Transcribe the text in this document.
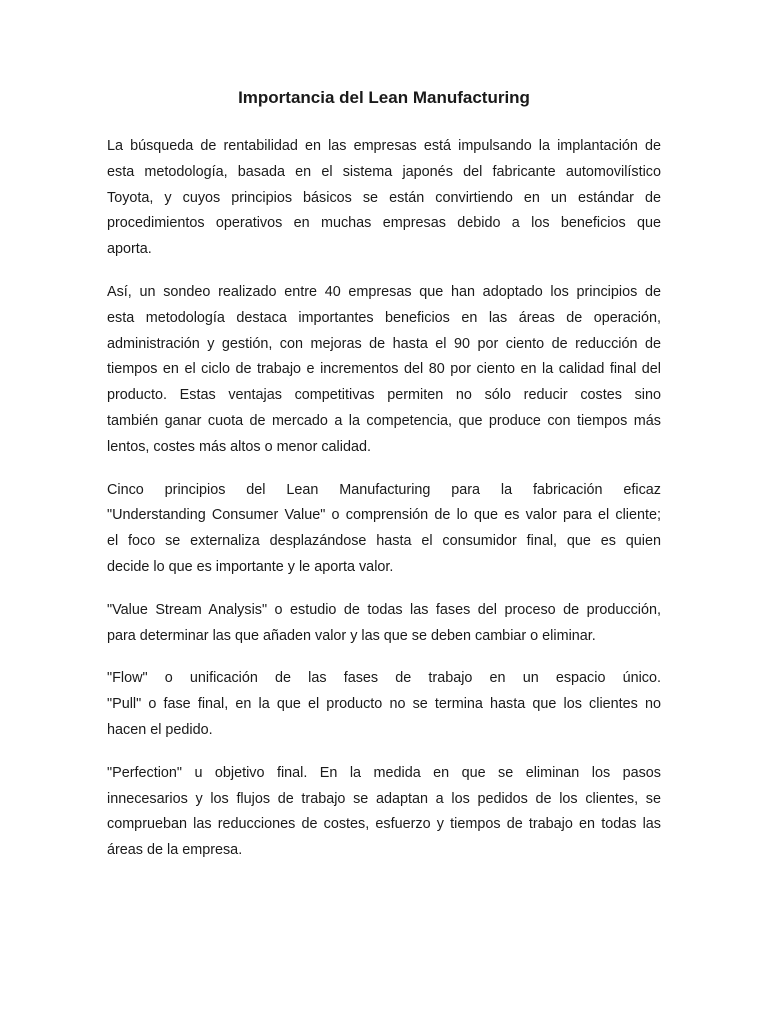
Importancia del Lean Manufacturing
La búsqueda de rentabilidad en las empresas está impulsando la implantación de
esta metodología, basada en el sistema japonés del fabricante automovilístico
Toyota, y cuyos principios básicos se están convirtiendo en un estándar de
procedimientos operativos en muchas empresas debido a los beneficios que
aporta.
Así, un sondeo realizado entre 40 empresas que han adoptado los principios de
esta metodología destaca importantes beneficios en las áreas de operación,
administración y gestión, con mejoras de hasta el 90 por ciento de reducción de
tiempos en el ciclo de trabajo e incrementos del 80 por ciento en la calidad final del
producto. Estas ventajas competitivas permiten no sólo reducir costes sino
también ganar cuota de mercado a la competencia, que produce con tiempos más
lentos, costes más altos o menor calidad.
Cinco principios del Lean Manufacturing para la fabricación eficaz
"Understanding Consumer Value" o comprensión de lo que es valor para el cliente;
el foco se externaliza desplazándose hasta el consumidor final, que es quien
decide lo que es importante y le aporta valor.
"Value Stream Analysis" o estudio de todas las fases del proceso de producción,
para determinar las que añaden valor y las que se deben cambiar o eliminar.
"Flow" o unificación de las fases de trabajo en un espacio único.
"Pull" o fase final, en la que el producto no se termina hasta que los clientes no
hacen el pedido.
"Perfection" u objetivo final. En la medida en que se eliminan los pasos
innecesarios y los flujos de trabajo se adaptan a los pedidos de los clientes, se
comprueban las reducciones de costes, esfuerzo y tiempos de trabajo en todas las
áreas de la empresa.
